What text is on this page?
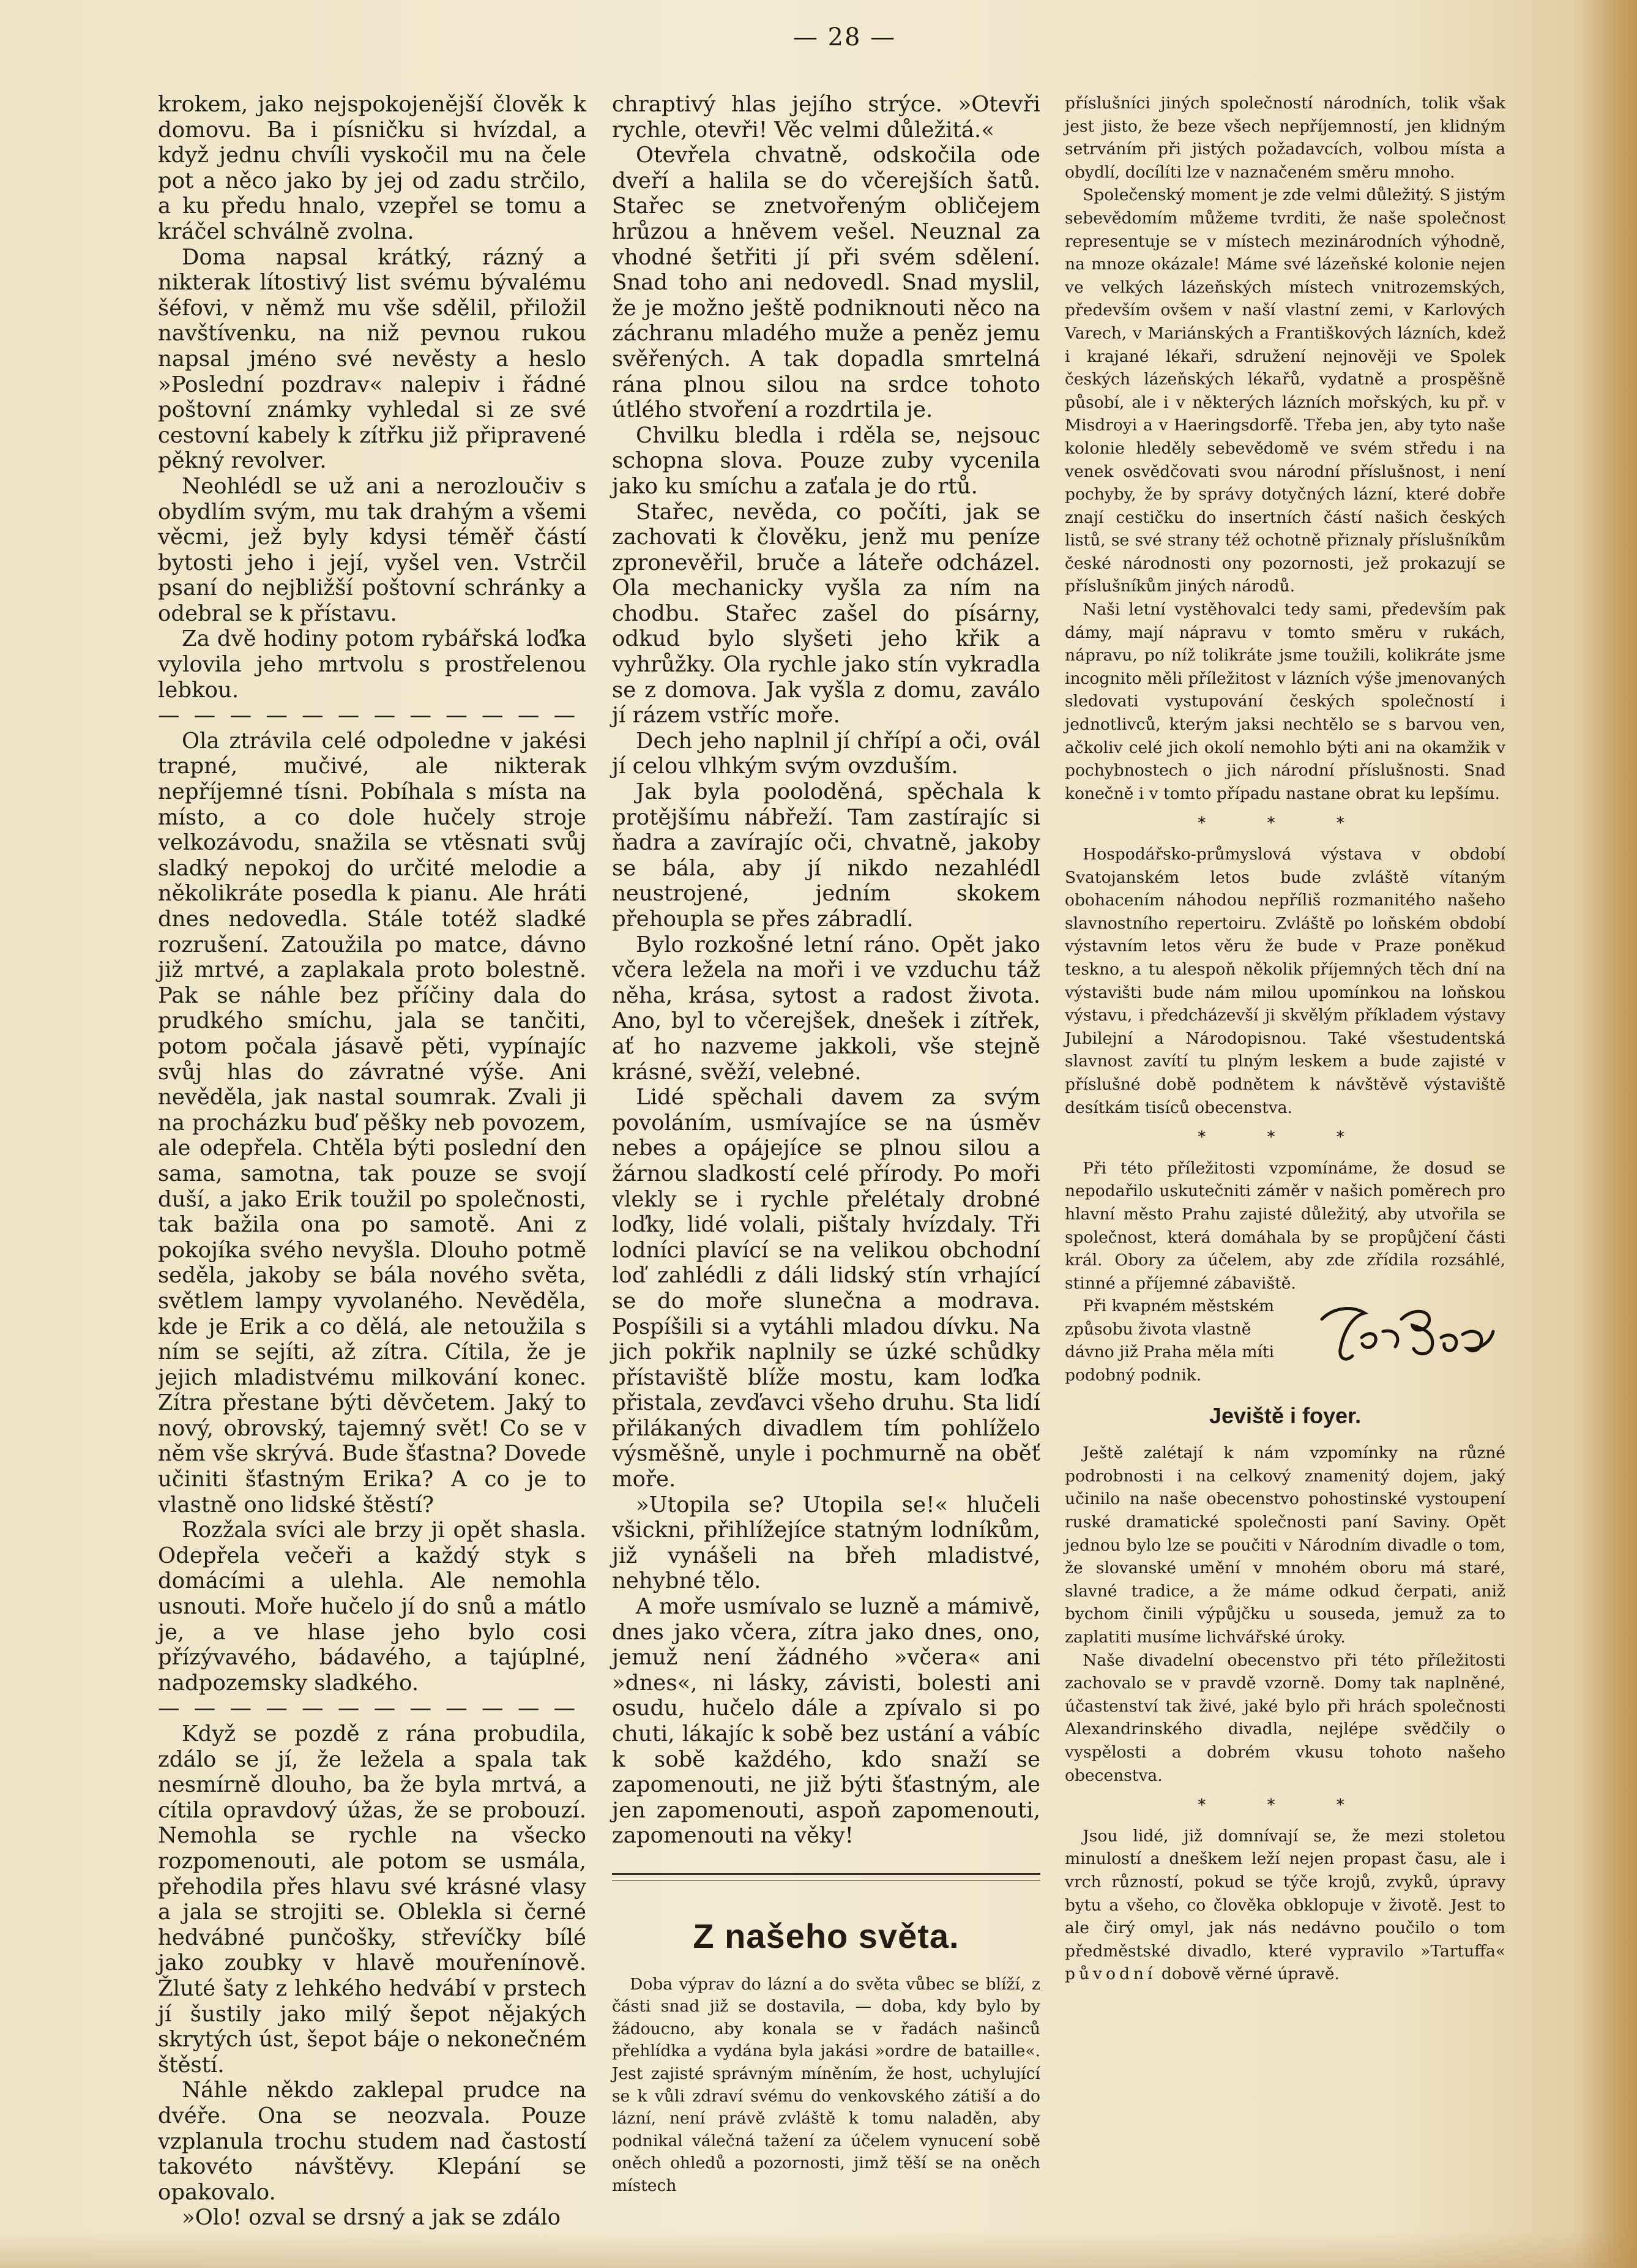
— 28 —

krokem, jako nejspokojenější člověk k domovu. Ba i písničku si hvízdal, a když jednu chvíli vyskočil mu na čele pot a něco jako by jej od zadu strčilo, a ku předu hnalo, vzepřel se tomu a kráčel schválně zvolna.

Doma napsal krátký, rázný a nikterak lítostivý list svému bývalému šéfovi, v němž mu vše sdělil, přiložil navštívenku, na niž pevnou rukou napsal jméno své nevěsty a heslo »Poslední pozdrav« nalepiv i řádné poštovní známky vyhledal si ze své cestovní kabely k zítřku již připravené pěkný revolver.

Neohlédl se už ani a nerozloučiv s obydlím svým, mu tak drahým a všemi věcmi, jež byly kdysi téměř částí bytosti jeho i její, vyšel ven. Vstrčil psaní do nejbližší poštovní schránky a odebral se k přístavu.

Za dvě hodiny potom rybářská loďka vylovila jeho mrtvolu s prostřelenou lebkou.

— — — — — — — — — — — —

Ola ztrávila celé odpoledne v jakési trapné, mučivé, ale nikterak nepříjemné tísni. Pobíhala s místa na místo, a co dole hučely stroje velkozávodu, snažila se vtěsnati svůj sladký nepokoj do určité melodie a několikráte posedla k pianu. Ale hráti dnes nedovedla. Stále totéž sladké rozrušení. Zatoužila po matce, dávno již mrtvé, a zaplakala proto bolestně. Pak se náhle bez příčiny dala do prudkého smíchu, jala se tančiti, potom počala jásavě pěti, vypínajíc svůj hlas do závratné výše. Ani nevěděla, jak nastal soumrak. Zvali ji na procházku buď pěšky neb povozem, ale odepřela. Chtěla býti poslední den sama, samotna, tak pouze se svojí duší, a jako Erik toužil po společnosti, tak bažila ona po samotě. Ani z pokojíka svého nevyšla. Dlouho potmě seděla, jakoby se bála nového světa, světlem lampy vyvolaného. Nevěděla, kde je Erik a co dělá, ale netoužila s ním se sejíti, až zítra. Cítila, že je jejich mladistvému milkování konec. Zítra přestane býti děvčetem. Jaký to nový, obrovský, tajemný svět! Co se v něm vše skrývá. Bude šťastna? Dovede učiniti šťastným Erika? A co je to vlastně ono lidské štěstí?

Rozžala svíci ale brzy ji opět shasla. Odepřela večeři a každý styk s domácími a ulehla. Ale nemohla usnouti. Moře hučelo jí do snů a mátlo je, a ve hlase jeho bylo cosi přízývavého, bádavého, a tajúplné, nadpozemsky sladkého.

— — — — — — — — — — — —

Když se pozdě z rána probudila, zdálo se jí, že ležela a spala tak nesmírně dlouho, ba že byla mrtvá, a cítila opravdový úžas, že se probouzí. Nemohla se rychle na všecko rozpomenouti, ale potom se usmála, přehodila přes hlavu své krásné vlasy a jala se strojiti se. Oblekla si černé hedvábné punčošky, střevíčky bílé jako zoubky v hlavě mouřenínově. Žluté šaty z lehkého hedvábí v prstech jí šustily jako milý šepot nějakých skrytých úst, šepot báje o nekonečném štěstí.

Náhle někdo zaklepal prudce na dvéře. Ona se neozvala. Pouze vzplanula trochu studem nad častostí takovéto návštěvy. Klepání se opakovalo.

»Olo! ozval se drsný a jak se zdálo

chraptivý hlas jejího strýce. »Otevři rychle, otevři! Věc velmi důležitá.«

Otevřela chvatně, odskočila ode dveří a halila se do včerejších šatů. Stařec se znetvořeným obličejem hrůzou a hněvem vešel. Neuznal za vhodné šetřiti jí při svém sdělení. Snad toho ani nedovedl. Snad myslil, že je možno ještě podniknouti něco na záchranu mladého muže a peněz jemu svěřených. A tak dopadla smrtelná rána plnou silou na srdce tohoto útlého stvoření a rozdrtila je.

Chvilku bledla i rděla se, nejsouc schopna slova. Pouze zuby vycenila jako ku smíchu a zaťala je do rtů.

Stařec, nevěda, co počíti, jak se zachovati k člověku, jenž mu peníze zpronevěřil, bruče a láteře odcházel. Ola mechanicky vyšla za ním na chodbu. Stařec zašel do písárny, odkud bylo slyšeti jeho křik a vyhrůžky. Ola rychle jako stín vykradla se z domova. Jak vyšla z domu, zaválo jí rázem vstříc moře.

Dech jeho naplnil jí chřípí a oči, ovál jí celou vlhkým svým ovzduším.

Jak byla pooloděná, spěchala k protějšímu nábřeží. Tam zastírajíc si ňadra a zavírajíc oči, chvatně, jakoby se bála, aby jí nikdo nezahlédl neustrojené, jedním skokem přehoupla se přes zábradlí.

Bylo rozkošné letní ráno. Opět jako včera ležela na moři i ve vzduchu táž něha, krása, sytost a radost života. Ano, byl to včerejšek, dnešek i zítřek, ať ho nazveme jakkoli, vše stejně krásné, svěží, velebné.

Lidé spěchali davem za svým povoláním, usmívajíce se na úsměv nebes a opájejíce se plnou silou a žárnou sladkostí celé přírody. Po moři vlekly se i rychle přelétaly drobné loďky, lidé volali, pištaly hvízdaly. Tři lodníci plavící se na velikou obchodní loď zahlédli z dáli lidský stín vrhající se do moře slunečna a modrava. Pospíšili si a vytáhli mladou dívku. Na jich pokřik naplnily se úzké schůdky přístaviště blíže mostu, kam loďka přistala, zevďavci všeho druhu. Sta lidí přilákaných divadlem tím pohlíželo výsměšně, unyle i pochmurně na oběť moře.

»Utopila se? Utopila se!« hlučeli všickni, přihlížejíce statným lodníkům, již vynášeli na břeh mladistvé, nehybné tělo.

A moře usmívalo se luzně a mámivě, dnes jako včera, zítra jako dnes, ono, jemuž není žádného »včera« ani »dnes«, ni lásky, závisti, bolesti ani osudu, hučelo dále a zpívalo si po chuti, lákajíc k sobě bez ustání a vábíc k sobě každého, kdo snaží se zapomenouti, ne již býti šťastným, ale jen zapomenouti, aspoň zapomenouti, zapomenouti na věky!

Z našeho světa.

Doba výprav do lázní a do světa vůbec se blíží, z části snad již se dostavila, — doba, kdy bylo by žádoucno, aby konala se v řadách našinců přehlídka a vydána byla jakási »ordre de bataille«. Jest zajisté správným míněním, že host, uchylující se k vůli zdraví svému do venkovského zátiší a do lázní, není právě zvláště k tomu naladěn, aby podnikal válečná tažení za účelem vynucení sobě oněch ohledů a pozornosti, jimž těší se na oněch místech

příslušníci jiných společností národních, tolik však jest jisto, že beze všech nepříjemností, jen klidným setrváním při jistých požadavcích, volbou místa a obydlí, docílíti lze v naznačeném směru mnoho.

Společenský moment je zde velmi důležitý. S jistým sebevědomím můžeme tvrditi, že naše společnost representuje se v místech mezinárodních výhodně, na mnoze okázale! Máme své lázeňské kolonie nejen ve velkých lázeňských místech vnitrozemských, především ovšem v naší vlastní zemi, v Karlových Varech, v Mariánských a Františkových lázních, kdež i krajané lékaři, sdružení nejnověji ve Spolek českých lázeňských lékařů, vydatně a prospěšně působí, ale i v některých lázních mořských, ku př. v Misdroyi a v Haeringsdorfě. Třeba jen, aby tyto naše kolonie hleděly sebevědomě ve svém středu i na venek osvědčovati svou národní příslušnost, i není pochyby, že by správy dotyčných lázní, které dobře znají cestičku do insertních částí našich českých listů, se své strany též ochotně přiznaly příslušníkům české národnosti ony pozornosti, jež prokazují se příslušníkům jiných národů.

Naši letní vystěhovalci tedy sami, především pak dámy, mají nápravu v tomto směru v rukách, nápravu, po níž tolikráte jsme toužili, kolikráte jsme incognito měli příležitost v lázních výše jmenovaných sledovati vystupování českých společností i jednotlivců, kterým jaksi nechtělo se s barvou ven, ačkoliv celé jich okolí nemohlo býti ani na okamžik v pochybnostech o jich národní příslušnosti. Snad konečně i v tomto případu nastane obrat ku lepšímu.

* * *

Hospodářsko-průmyslová výstava v období Svatojanském letos bude zvláště vítaným obohacením náhodou nepříliš rozmanitého našeho slavnostního repertoiru. Zvláště po loňském období výstavním letos věru že bude v Praze poněkud teskno, a tu alespoň několik příjemných těch dní na výstavišti bude nám milou upomínkou na loňskou výstavu, i předcházevší ji skvělým příkladem výstavy Jubilejní a Národopisnou. Také všestudentská slavnost zavítí tu plným leskem a bude zajisté v příslušné době podnětem k návštěvě výstaviště desítkám tisíců obecenstva.

* * *

Při této příležitosti vzpomínáme, že dosud se nepodařilo uskutečniti záměr v našich poměrech pro hlavní město Prahu zajisté důležitý, aby utvořila se společnost, která domáhala by se propůjčení části král. Obory za účelem, aby zde zřídila rozsáhlé, stinné a příjemné zábaviště.

Při kvapném městském způsobu života vlastně dávno již Praha měla míti podobný podnik.

Jeviště i foyer.

Ještě zalétají k nám vzpomínky na různé podrobnosti i na celkový znamenitý dojem, jaký učinilo na naše obecenstvo pohostinské vystoupení ruské dramatické společnosti paní Saviny. Opět jednou bylo lze se poučiti v Národním divadle o tom, že slovanské umění v mnohém oboru má staré, slavné tradice, a že máme odkud čerpati, aniž bychom činili výpůjčku u souseda, jemuž za to zaplatiti musíme lichvářské úroky.

Naše divadelní obecenstvo při této příležitosti zachovalo se v pravdě vzorně. Domy tak naplněné, účastenství tak živé, jaké bylo při hrách společnosti Alexandrinského divadla, nejlépe svědčily o vyspělosti a dobrém vkusu tohoto našeho obecenstva.

* * *

Jsou lidé, již domnívají se, že mezi stoletou minulostí a dneškem leží nejen propast času, ale i vrch růzností, pokud se týče krojů, zvyků, úpravy bytu a všeho, co člověka obklopuje v životě. Jest to ale čirý omyl, jak nás nedávno poučilo o tom předměstské divadlo, které vypravilo »Tartuffa« původní dobově věrné úpravě.
